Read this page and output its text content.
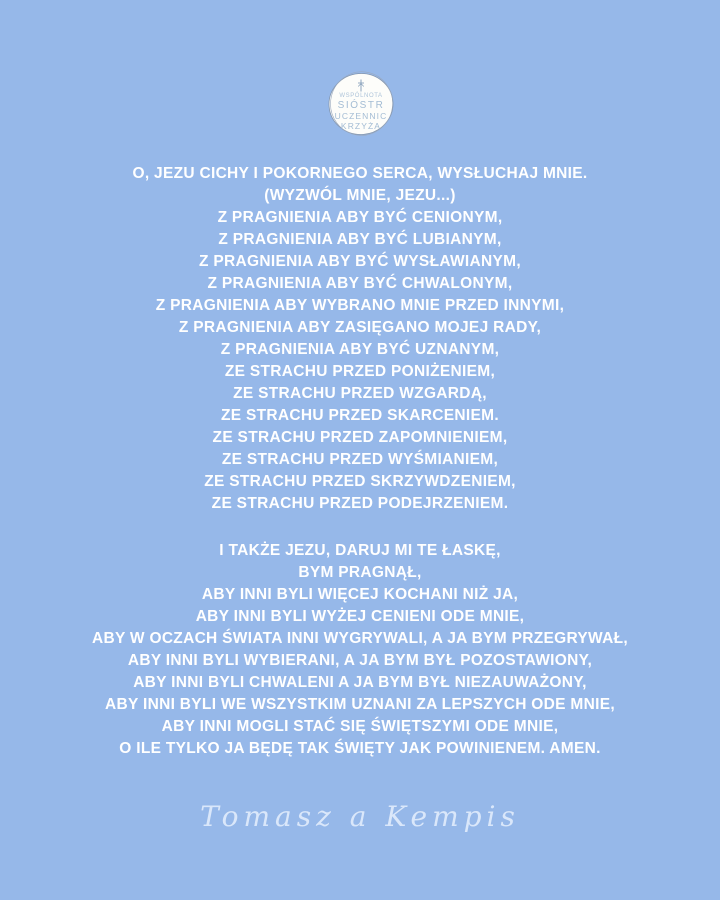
WSPÓLNOTA
SIÓSTR
UCZENNIC
KRZYŻA
O, JEZU CICHY I POKORNEGO SERCA, WYSŁUCHAJ MNIE.
(WYZWÓL MNIE, JEZU...)
Z PRAGNIENIA ABY BYĆ CENIONYM,
Z PRAGNIENIA ABY BYĆ LUBIANYM,
Z PRAGNIENIA ABY BYĆ WYSŁAWIANYM,
Z PRAGNIENIA ABY BYĆ CHWALONYM,
Z PRAGNIENIA ABY WYBRANO MNIE PRZED INNYMI,
Z PRAGNIENIA ABY ZASIĘGANO MOJEJ RADY,
Z PRAGNIENIA ABY BYĆ UZNANYM,
ZE STRACHU PRZED PONIŻENIEM,
ZE STRACHU PRZED WZGARDĄ,
ZE STRACHU PRZED SKARCENIEM.
ZE STRACHU PRZED ZAPOMNIENIEM,
ZE STRACHU PRZED WYŚMIANIEM,
ZE STRACHU PRZED SKRZYWDZENIEM,
ZE STRACHU PRZED PODEJRZENIEM.
I TAKŻE JEZU, DARUJ MI TE ŁASKĘ,
BYM PRAGNĄŁ,
ABY INNI BYLI WIĘCEJ KOCHANI NIŻ JA,
ABY INNI BYLI WYŻEJ CENIENI ODE MNIE,
ABY W OCZACH ŚWIATA INNI WYGRYWALI, A JA BYM PRZEGRYWAŁ,
ABY INNI BYLI WYBIERANI, A JA BYM BYŁ POZOSTAWIONY,
ABY INNI BYLI CHWALENI A JA BYM BYŁ NIEZAUWAŻONY,
ABY INNI BYLI WE WSZYSTKIM UZNANI ZA LEPSZYCH ODE MNIE,
ABY INNI MOGLI STAĆ SIĘ ŚWIĘTSZYMI ODE MNIE,
O ILE TYLKO JA BĘDĘ TAK ŚWIĘTY JAK POWINIENEM. AMEN.
Tomasz a Kempis
